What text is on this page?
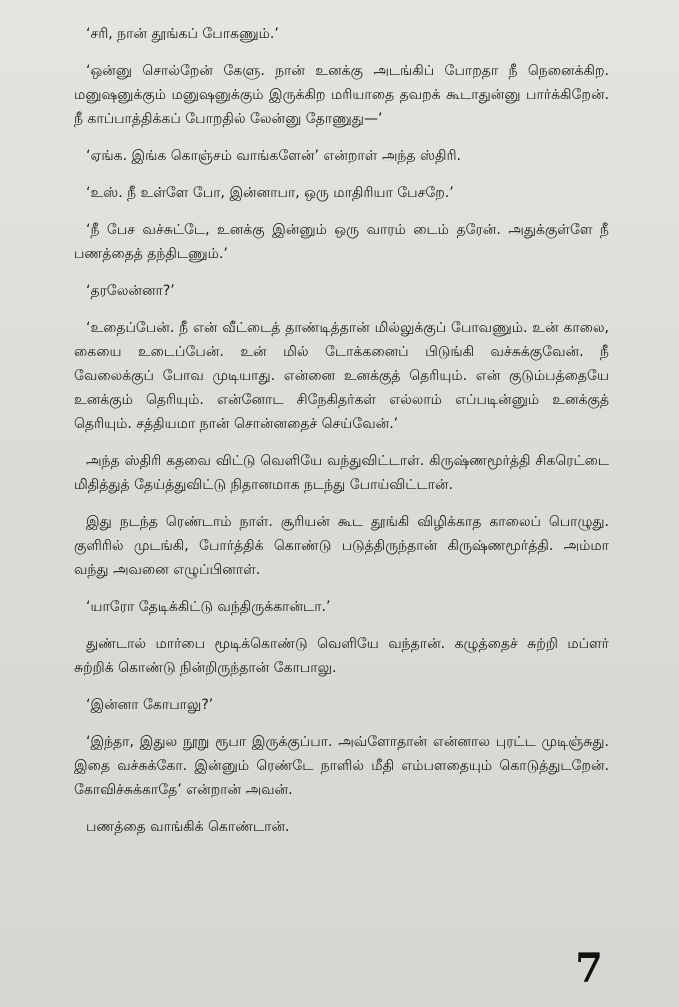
‘சரி, நான் தூங்கப் போகணும்.’

‘ஒன்னு சொல்றேன் கேளு. நான் உனக்கு அடங்கிப் போறதா நீ நெனைக்கிற. மனுஷனுக்கும் மனுஷனுக்கும் இருக்கிற மரியாதை தவறக் கூடாதுன்னு பார்க்கிறேன். நீ காப்பாத்திக்கப் போறதில் லேன்னு தோணுது—’

‘ஏங்க. இங்க கொஞ்சம் வாங்களேன்’ என்றாள் அந்த ஸ்திரி.

‘உஸ். நீ உள்ளே போ, இன்னாபா, ஒரு மாதிரியா பேசறே.’

‘நீ பேச வச்சுட்டே, உனக்கு இன்னும் ஒரு வாரம் டைம் தரேன். அதுக்குள்ளே நீ பணத்தைத் தந்திடணும்.’

‘தரலேன்னா?’

‘உதைப்பேன். நீ என் வீட்டைத் தாண்டித்தான் மில்லுக்குப் போவணும். உன் காலை, கையை உடைப்பேன். உன் மில் டோக்கனைப் பிடுங்கி வச்சுக்குவேன். நீ வேலைக்குப் போவ முடியாது. என்னை உனக்குத் தெரியும். என் குடும்பத்தையே உனக்கும் தெரியும். என்னோட சிநேகிதர்கள் எல்லாம் எப்படின்னும் உனக்குத் தெரியும். சத்தியமா நான் சொன்னதைச் செய்வேன்.’

அந்த ஸ்திரி கதவை விட்டு வெளியே வந்துவிட்டாள். கிருஷ்ணமூர்த்தி சிகரெட்டை மிதித்துத் தேய்த்துவிட்டு நிதானமாக நடந்து போய்விட்டான்.

இது நடந்த ரெண்டாம் நாள். சூரியன் கூட தூங்கி விழிக்காத காலைப் பொழுது. குளிரில் முடங்கி, போர்த்திக் கொண்டு படுத்திருந்தான் கிருஷ்ணமூர்த்தி. அம்மா வந்து அவனை எழுப்பினாள்.

‘யாரோ தேடிக்கிட்டு வந்திருக்கான்டா.’

துண்டால் மார்பை மூடிக்கொண்டு வெளியே வந்தான். கழுத்தைச் சுற்றி மப்ளர் சுற்றிக் கொண்டு நின்றிருந்தான் கோபாலு.

‘இன்னா கோபாலு?’

‘இந்தா, இதுல நூறு ரூபா இருக்குப்பா. அவ்ளோதான் என்னால புரட்ட முடிஞ்சுது. இதை வச்சுக்கோ. இன்னும் ரெண்டே நாளில் மீதி எம்பளதையும் கொடுத்துடறேன். கோவிச்சுக்காதே’ என்றான் அவன்.

பணத்தை வாங்கிக் கொண்டான்.

7
